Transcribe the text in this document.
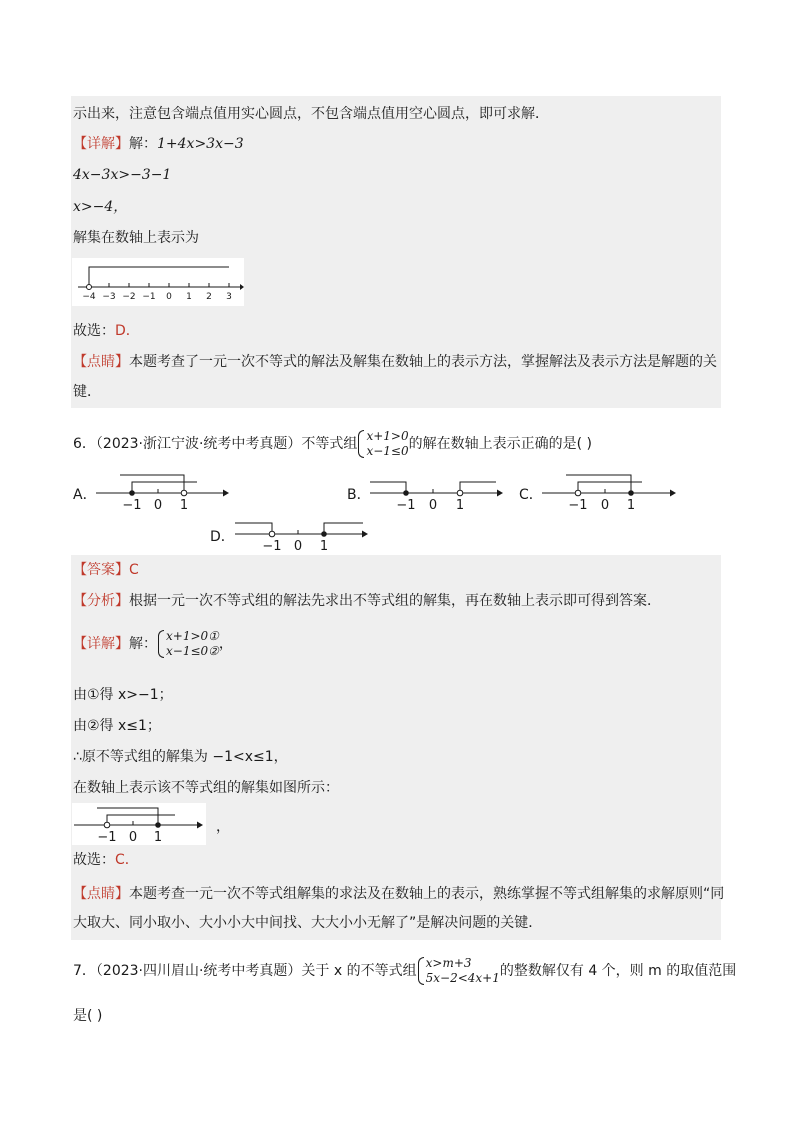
示出来，注意包含端点值用实心圆点，不包含端点值用空心圆点，即可求解．
【详解】解：1+4x>3x−3
4x−3x>−3−1
x>−4，
解集在数轴上表示为
−4 −3 −2 −1 0 1 2 3
故选：D．
【点睛】本题考查了一元一次不等式的解法及解集在数轴上的表示方法，掌握解法及表示方法是解题的关
键．
6．（2023·浙江宁波·统考中考真题）不等式组 x+1>0
x−1≤0 的解在数轴上表示正确的是( )
A．
−1 0 1
B．
−1 0 1
C．
−1 0 1
D．
−1 0 1
【答案】C
【分析】根据一元一次不等式组的解法先求出不等式组的解集，再在数轴上表示即可得到答案．
【详解】解： x+1>0①
x−1≤0② ，
由①得 x>−1；
由②得 x≤1；
∴原不等式组的解集为 −1<x≤1，
在数轴上表示该不等式组的解集如图所示：
−1 0 1
，
故选：C．
【点睛】本题考查一元一次不等式组解集的求法及在数轴上的表示，熟练掌握不等式组解集的求解原则“同
大取大、同小取小、大小小大中间找、大大小小无解了”是解决问题的关键．
7．（2023·四川眉山·统考中考真题）关于 x 的不等式组 x>m+3
5x−2<4x+1 的整数解仅有 4 个，则 m 的取值范围
是( )
